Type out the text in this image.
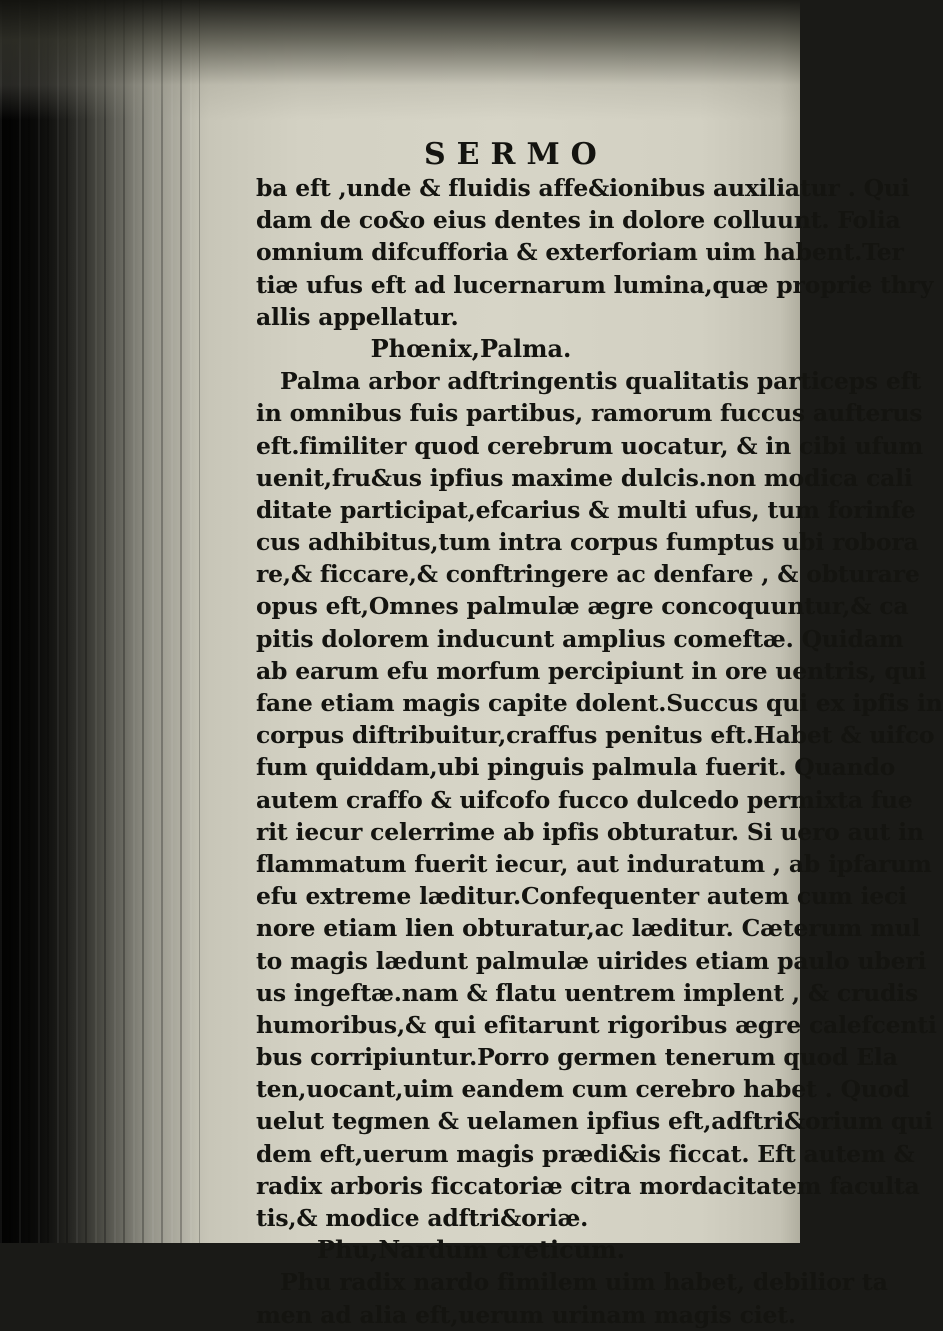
SERMO
ba eft ,unde & fluidis affe&ionibus auxiliatur . Qui
dam de co&o eius dentes in dolore colluunt. Folia
omnium difcufforia & exterforiam uim habent.Ter
tiæ ufus eft ad lucernarum lumina,quæ proprie thry
allis appellatur.
Phœnix,Palma.
Palma arbor adftringentis qualitatis particeps eft
in omnibus fuis partibus, ramorum fuccus aufterus
eft.fimiliter quod cerebrum uocatur, & in cibi ufum
uenit,fru&us ipfius maxime dulcis.non modica cali
ditate participat,efcarius & multi ufus, tum forinfe
cus adhibitus,tum intra corpus fumptus ubi robora
re,& ficcare,& conftringere ac denfare , & obturare
opus eft,Omnes palmulæ ægre concoquuntur,& ca
pitis dolorem inducunt amplius comeftæ. Quidam
ab earum efu morfum percipiunt in ore uentris, qui
fane etiam magis capite dolent.Succus qui ex ipfis in
corpus diftribuitur,craffus penitus eft.Habet & uifco
fum quiddam,ubi pinguis palmula fuerit. Quando
autem craffo & uifcofo fucco dulcedo permixta fue
rit iecur celerrime ab ipfis obturatur. Si uero aut in
flammatum fuerit iecur, aut induratum , ab ipfarum
efu extreme læditur.Confequenter autem cum ieci
nore etiam lien obturatur,ac læditur. Cæterum mul
to magis lædunt palmulæ uirides etiam paulo uberi
us ingeftæ.nam & flatu uentrem implent , & crudis
humoribus,& qui efitarunt rigoribus ægre calefcenti
bus corripiuntur.Porro germen tenerum quod Ela
ten,uocant,uim eandem cum cerebro habet . Quod
uelut tegmen & uelamen ipfius eft,adftri&orium qui
dem eft,uerum magis prædi&is ficcat. Eft autem &
radix arboris ficcatoriæ citra mordacitatem faculta
tis,& modice adftri&oriæ.
Phu,Nardum creticum.
Phu radix nardo fimilem uim habet, debilior ta
men ad alia eft,uerum urinam magis ciet.
